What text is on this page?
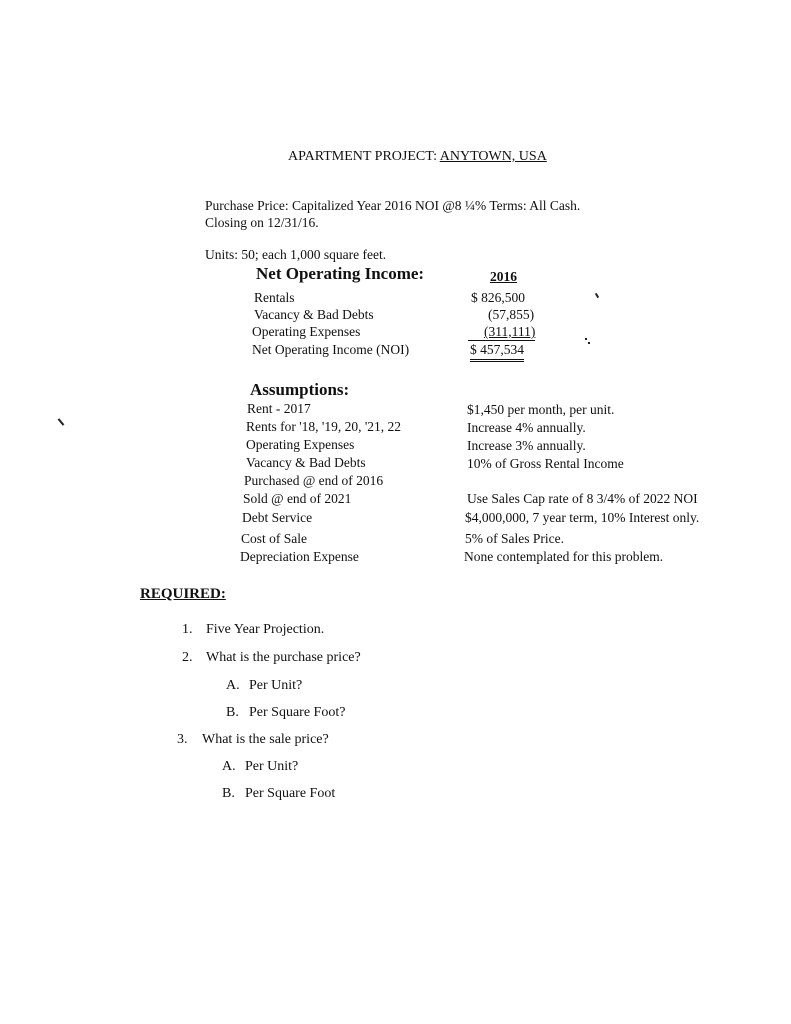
APARTMENT PROJECT: ANYTOWN, USA
Purchase Price: Capitalized Year 2016 NOI @8 ¼% Terms: All Cash.
Closing on 12/31/16.
Units: 50; each 1,000 square feet.
Net Operating Income:	2016
Rentals	$ 826,500
Vacancy & Bad Debts	(57,855)
Operating Expenses	(311,111)
Net Operating Income (NOI)	$ 457,534
Assumptions:
Rent - 2017	$1,450 per month, per unit.
Rents for '18, '19, 20, '21, 22	Increase 4% annually.
Operating Expenses	Increase 3% annually.
Vacancy & Bad Debts	10% of Gross Rental Income
Purchased @ end of 2016
Sold @ end of 2021	Use Sales Cap rate of 8 3/4% of 2022 NOI
Debt Service	$4,000,000, 7 year term, 10% Interest only.
Cost of Sale	5% of Sales Price.
Depreciation Expense	None contemplated for this problem.
REQUIRED:
1. Five Year Projection.
2. What is the purchase price?
A. Per Unit?
B. Per Square Foot?
3. What is the sale price?
A. Per Unit?
B. Per Square Foot
